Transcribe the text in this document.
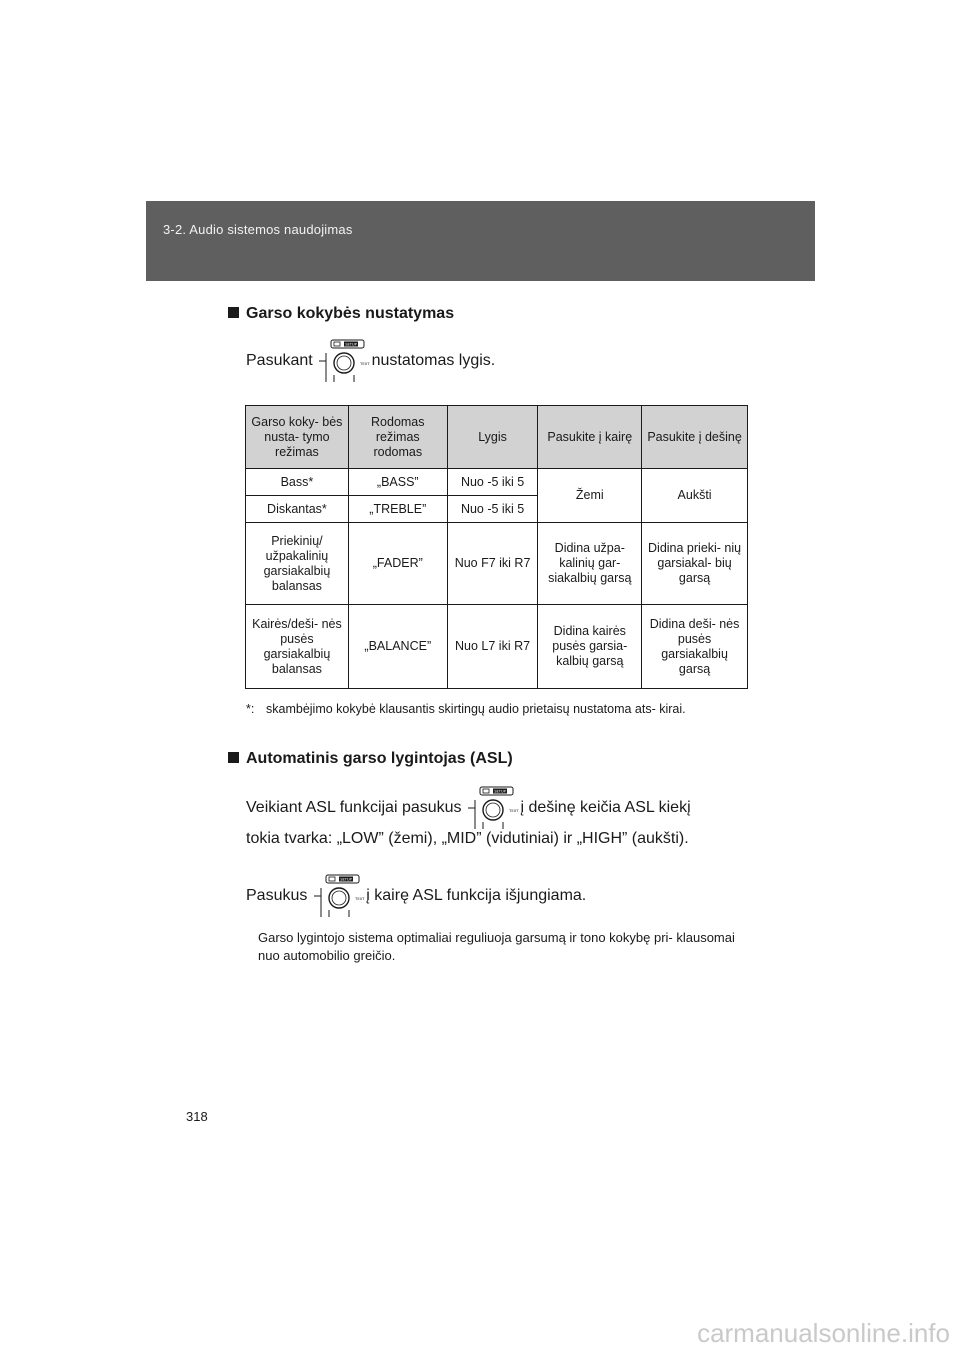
3-2. Audio sistemos naudojimas
Garso kokybės nustatymas
Pasukant
SETUP
TEXT nustatomas lygis.
Garso koky- bės nusta- tymo režimas	Rodomas režimas rodomas	Lygis	Pasukite į kairę	Pasukite į dešinę
Bass*	„BASS”	Nuo -5 iki 5	Žemi	Aukšti
Diskantas*	„TREBLE”	Nuo -5 iki 5		
Priekinių/ užpakalinių garsiakalbių balansas	„FADER”	Nuo F7 iki R7	Didina užpa- kalinių gar- siakalbių garsą	Didina prieki- nių garsiakal- bių garsą
Kairės/deši- nės pusės garsiakalbių balansas	„BALANCE”	Nuo L7 iki R7	Didina kairės pusės garsia- kalbių garsą	Didina deši- nės pusės garsiakalbių garsą
*: skambėjimo kokybė klausantis skirtingų audio prietaisų nustatoma ats- kirai.
Automatinis garso lygintojas (ASL)
Veikiant ASL funkcijai pasukus
SETUP
TEXT į dešinę keičia ASL kiekį
tokia tvarka: „LOW” (žemi), „MID” (vidutiniai) ir „HIGH” (aukšti).
Pasukus
SETUP
TEXT į kairę ASL funkcija išjungiama.
Garso lygintojo sistema optimaliai reguliuoja garsumą ir tono kokybę pri- klausomai nuo automobilio greičio.
318
carmanualsonline.info
